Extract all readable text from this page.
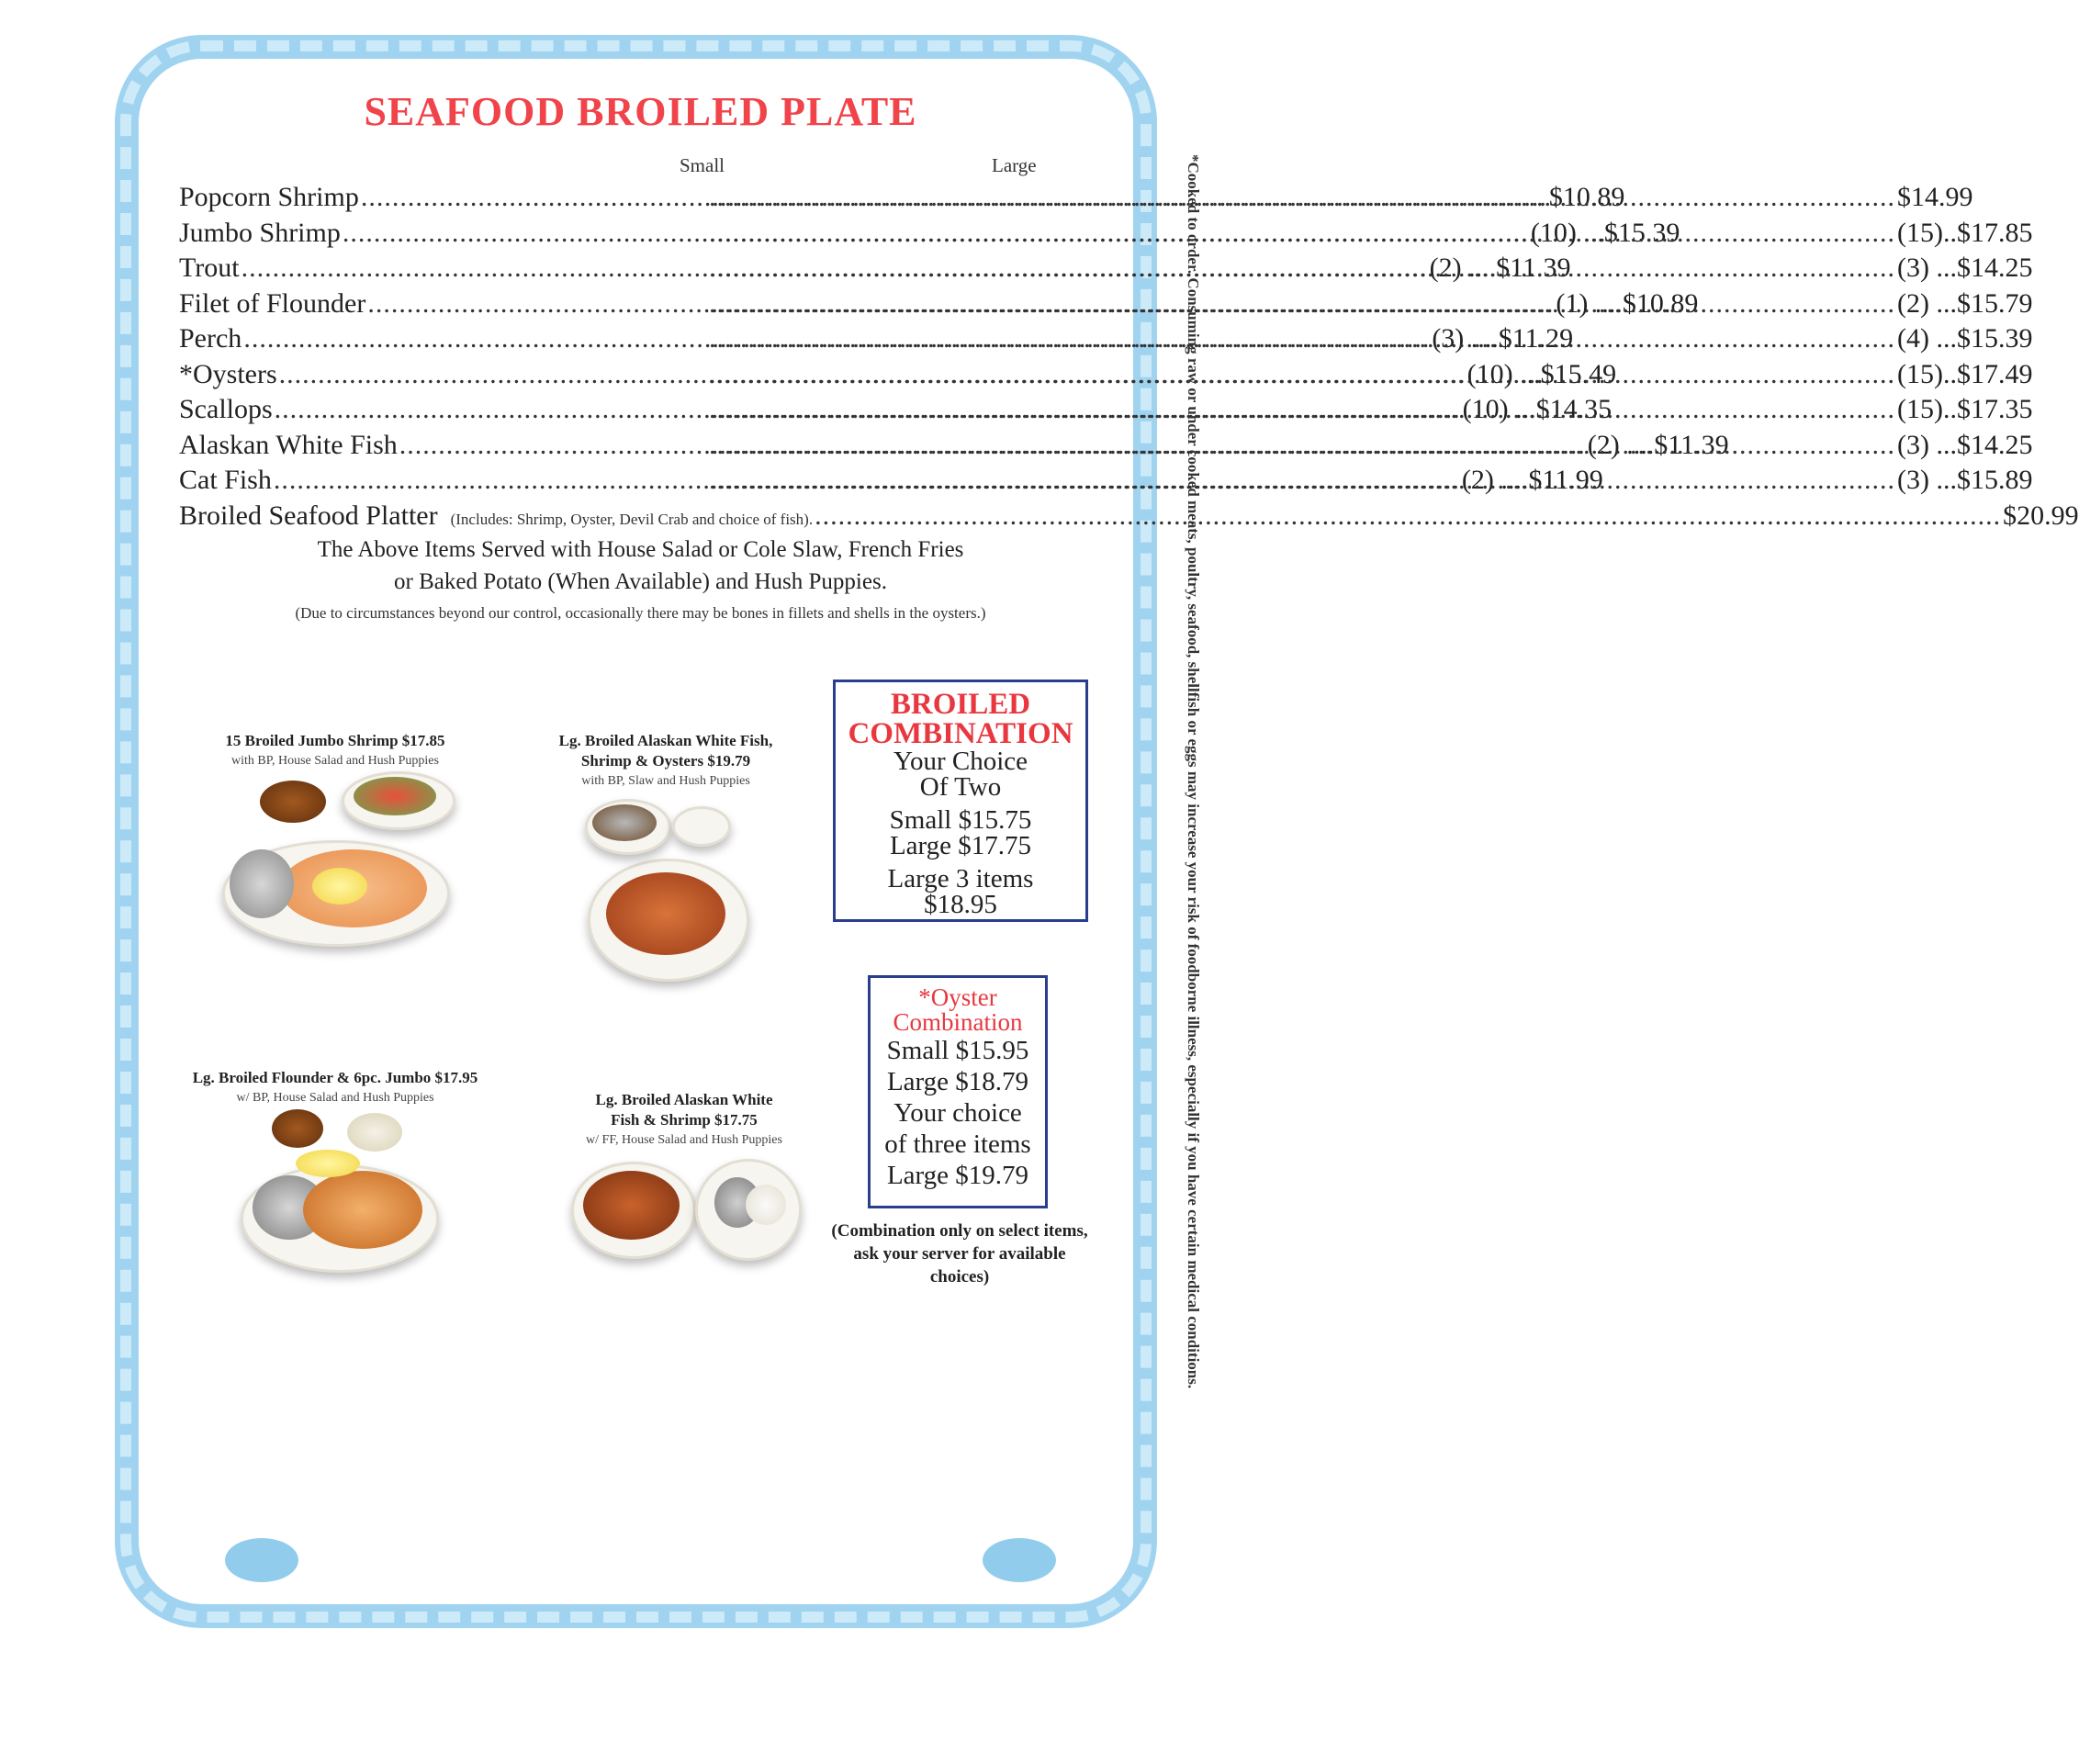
SEAFOOD BROILED PLATE
Small	Large
Popcorn Shrimp .....	$10.89 .....	$14.99
Jumbo Shrimp .....	(10) ... $15.39 .....	(15).. $17.85
Trout .....	(2) .... $11.39 .....	(3) ... $14.25
Filet of Flounder .....	(1) .... $10.89 .....	(2) ... $15.79
Perch .....	(3) .... $11.29 .....	(4) ... $15.39
*Oysters .....	(10) ... $15.49 .....	(15).. $17.49
Scallops .....	(10) ... $14.35 .....	(15).. $17.35
Alaskan White Fish .....	(2) .... $11.39 .....	(3) ... $14.25
Cat Fish .....	(2) .... $11.99 .....	(3) ... $15.89
Broiled Seafood Platter (Includes: Shrimp, Oyster, Devil Crab and choice of fish). .....	$20.99
The Above Items Served with House Salad or Cole Slaw, French Fries
or Baked Potato (When Available) and Hush Puppies.
(Due to circumstances beyond our control, occasionally there may be bones in fillets and shells in the oysters.)
15 Broiled Jumbo Shrimp $17.85
with BP, House Salad and Hush Puppies
Lg. Broiled Alaskan White Fish,
Shrimp & Oysters $19.79
with BP, Slaw and Hush Puppies
Lg. Broiled Flounder & 6pc. Jumbo $17.95
w/ BP, House Salad and Hush Puppies	Lg. Broiled Alaskan White
Fish & Shrimp $17.75
w/ FF, House Salad and Hush Puppies
BROILED
COMBINATION
Your Choice
Of Two
Small $15.75
Large $17.75
Large 3 items
$18.95
*Oyster
Combination
Small $15.95
Large $18.79
Your choice
of three items
Large $19.79
(Combination only on select items, ask your server for available choices)	*Cooked to order. Consuming raw or under cooked meats, poultry, seafood, shellfish or eggs may increase your risk of foodborne illness, especially if you have certain medical conditions.
